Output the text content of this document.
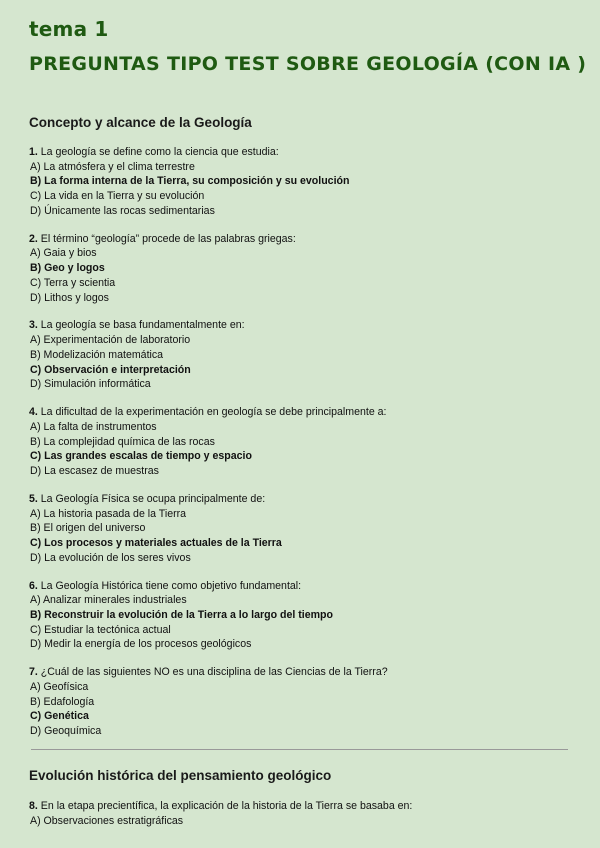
tema 1
PREGUNTAS TIPO TEST SOBRE GEOLOGÍA (CON IA )
Concepto y alcance de la Geología
1. La geología se define como la ciencia que estudia:
A) La atmósfera y el clima terrestre
B) La forma interna de la Tierra, su composición y su evolución
C) La vida en la Tierra y su evolución
D) Únicamente las rocas sedimentarias
2. El término “geología” procede de las palabras griegas:
A) Gaia y bios
B) Geo y logos
C) Terra y scientia
D) Lithos y logos
3. La geología se basa fundamentalmente en:
A) Experimentación de laboratorio
B) Modelización matemática
C) Observación e interpretación
D) Simulación informática
4. La dificultad de la experimentación en geología se debe principalmente a:
A) La falta de instrumentos
B) La complejidad química de las rocas
C) Las grandes escalas de tiempo y espacio
D) La escasez de muestras
5. La Geología Física se ocupa principalmente de:
A) La historia pasada de la Tierra
B) El origen del universo
C) Los procesos y materiales actuales de la Tierra
D) La evolución de los seres vivos
6. La Geología Histórica tiene como objetivo fundamental:
A) Analizar minerales industriales
B) Reconstruir la evolución de la Tierra a lo largo del tiempo
C) Estudiar la tectónica actual
D) Medir la energía de los procesos geológicos
7. ¿Cuál de las siguientes NO es una disciplina de las Ciencias de la Tierra?
A) Geofísica
B) Edafología
C) Genética
D) Geoquímica
Evolución histórica del pensamiento geológico
8. En la etapa precientífica, la explicación de la historia de la Tierra se basaba en:
A) Observaciones estratigráficas
